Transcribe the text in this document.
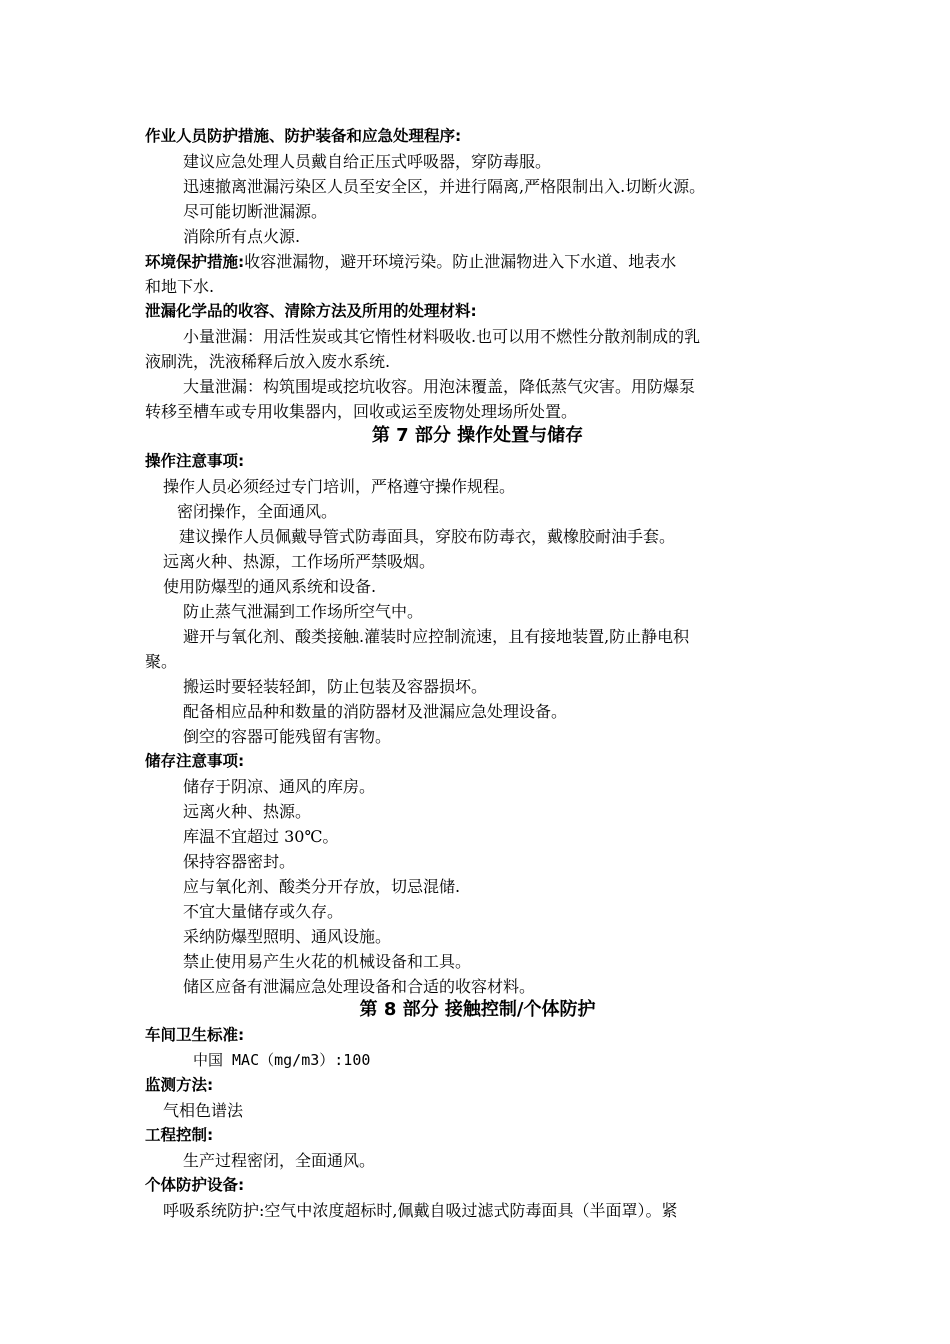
作业人员防护措施、防护装备和应急处理程序:
建议应急处理人员戴自给正压式呼吸器，穿防毒服。
迅速撤离泄漏污染区人员至安全区，并进行隔离,严格限制出入.切断火源。
尽可能切断泄漏源。
消除所有点火源.
环境保护措施:收容泄漏物，避开环境污染。防止泄漏物进入下水道、地表水
和地下水.
泄漏化学品的收容、清除方法及所用的处理材料:
小量泄漏：用活性炭或其它惰性材料吸收.也可以用不燃性分散剂制成的乳
液刷洗，洗液稀释后放入废水系统.
大量泄漏：构筑围堤或挖坑收容。用泡沫覆盖，降低蒸气灾害。用防爆泵
转移至槽车或专用收集器内，回收或运至废物处理场所处置。
第 7 部分 操作处置与储存
操作注意事项:
操作人员必须经过专门培训，严格遵守操作规程。
密闭操作，全面通风。
建议操作人员佩戴导管式防毒面具，穿胶布防毒衣，戴橡胶耐油手套。
远离火种、热源，工作场所严禁吸烟。
使用防爆型的通风系统和设备.
防止蒸气泄漏到工作场所空气中。
避开与氧化剂、酸类接触.灌装时应控制流速，且有接地装置,防止静电积
聚。
搬运时要轻装轻卸，防止包装及容器损坏。
配备相应品种和数量的消防器材及泄漏应急处理设备。
倒空的容器可能残留有害物。
储存注意事项:
储存于阴凉、通风的库房。
远离火种、热源。
库温不宜超过 30℃。
保持容器密封。
应与氧化剂、酸类分开存放，切忌混储.
不宜大量储存或久存。
采纳防爆型照明、通风设施。
禁止使用易产生火花的机械设备和工具。
储区应备有泄漏应急处理设备和合适的收容材料。
第 8 部分 接触控制/个体防护
车间卫生标准:
中国 MAC（mg/m3）:100
监测方法:
气相色谱法
工程控制:
生产过程密闭，全面通风。
个体防护设备:
呼吸系统防护:空气中浓度超标时,佩戴自吸过滤式防毒面具（半面罩）。紧
